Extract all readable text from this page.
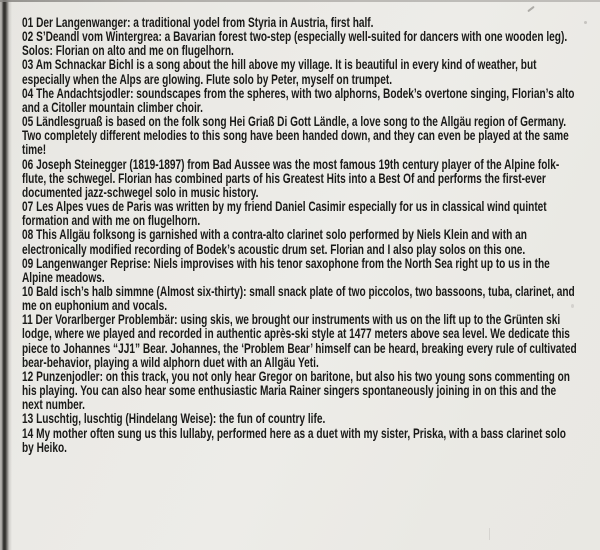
01 Der Langenwanger: a traditional yodel from Styria in Austria, first half.

02 S’Deandl vom Wintergrea: a Bavarian forest two-step (especially well-suited for dancers with one wooden leg). Solos: Florian on alto and me on flugelhorn.

03 Am Schnackar Bichl is a song about the hill above my village. It is beautiful in every kind of weather, but especially when the Alps are glowing. Flute solo by Peter, myself on trumpet.

04 The Andachtsjodler: soundscapes from the spheres, with two alphorns, Bodek’s overtone singing, Florian’s alto and a Citoller mountain climber choir.

05 Ländlesgruaß is based on the folk song Hei Griaß Di Gott Ländle, a love song to the Allgäu region of Germany. Two completely different melodies to this song have been handed down, and they can even be played at the same time!

06 Joseph Steinegger (1819-1897) from Bad Aussee was the most famous 19th century player of the Alpine folk-flute, the schwegel. Florian has combined parts of his Greatest Hits into a Best Of and performs the first-ever documented jazz-schwegel solo in music history.

07 Les Alpes vues de Paris was written by my friend Daniel Casimir especially for us in classical wind quintet formation and with me on flugelhorn.

08 This Allgäu folksong is garnished with a contra-alto clarinet solo performed by Niels Klein and with an electronically modified recording of Bodek’s acoustic drum set. Florian and I also play solos on this one.

09 Langenwanger Reprise: Niels improvises with his tenor saxophone from the North Sea right up to us in the Alpine meadows.

10 Bald isch’s halb simmne (Almost six-thirty): small snack plate of two piccolos, two bassoons, tuba, clarinet, and me on euphonium and vocals.

11 Der Vorarlberger Problembär: using skis, we brought our instruments with us on the lift up to the Grünten ski lodge, where we played and recorded in authentic après-ski style at 1477 meters above sea level. We dedicate this piece to Johannes “JJ1” Bear. Johannes, the ‘Problem Bear’ himself can be heard, breaking every rule of cultivated bear-behavior, playing a wild alphorn duet with an Allgäu Yeti.

12 Punzenjodler: on this track, you not only hear Gregor on baritone, but also his two young sons commenting on his playing. You can also hear some enthusiastic Maria Rainer singers spontaneously joining in on this and the next number.

13 Luschtig, luschtig (Hindelang Weise): the fun of country life.

14 My mother often sung us this lullaby, performed here as a duet with my sister, Priska, with a bass clarinet solo by Heiko.
